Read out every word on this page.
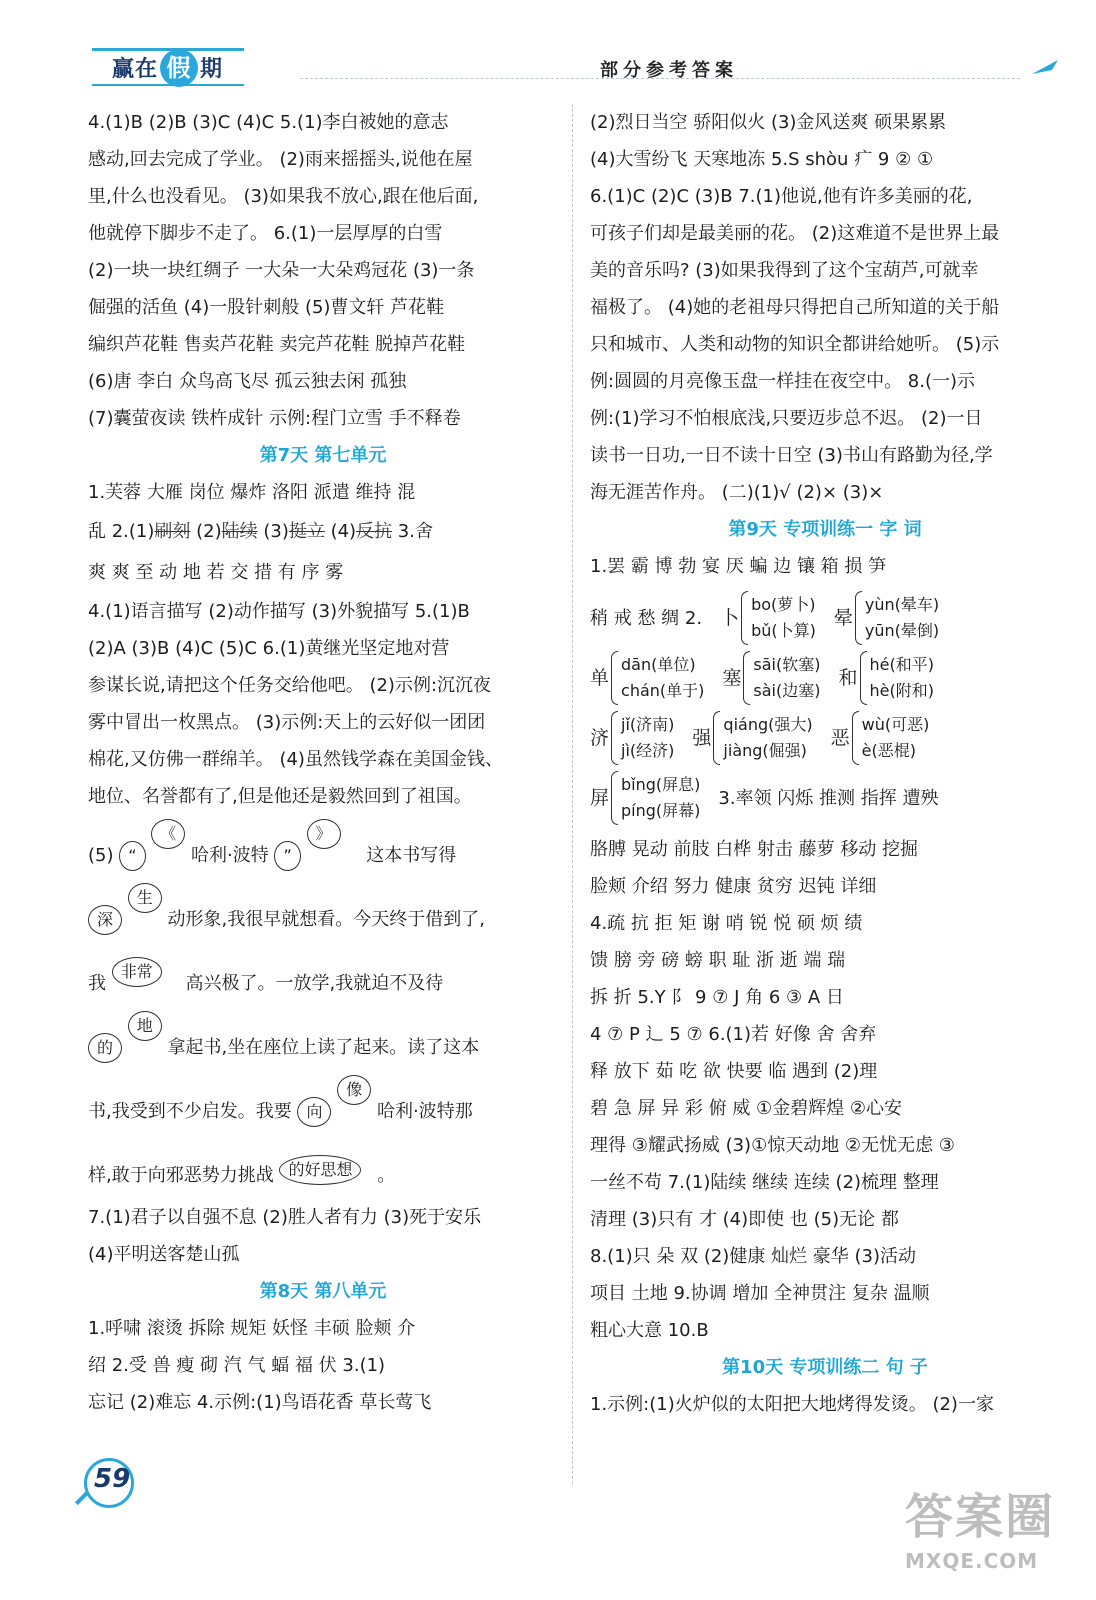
赢在 假 期	部分参考答案
4.(1)B (2)B (3)C (4)C 5.(1)李白被她的意志
感动,回去完成了学业。 (2)雨来摇摇头,说他在屋
里,什么也没看见。 (3)如果我不放心,跟在他后面,
他就停下脚步不走了。 6.(1)一层厚厚的白雪
(2)一块一块红绸子 一大朵一大朵鸡冠花 (3)一条
倔强的活鱼 (4)一股针刺般 (5)曹文轩 芦花鞋
编织芦花鞋 售卖芦花鞋 卖完芦花鞋 脱掉芦花鞋
(6)唐 李白 众鸟高飞尽 孤云独去闲 孤独
(7)囊萤夜读 铁杵成针 示例:程门立雪 手不释卷
第7天 第七单元
1.芙蓉 大雁 岗位 爆炸 洛阳 派遣 维持 混
乱 2.(1)刷刻 (2)陆续 (3)挺立 (4)反抗 3.舍
爽 爽 至 动 地 若 交 措 有 序 雾
4.(1)语言描写 (2)动作描写 (3)外貌描写 5.(1)B
(2)A (3)B (4)C (5)C 6.(1)黄继光坚定地对营
参谋长说,请把这个任务交给他吧。 (2)示例:沉沉夜
雾中冒出一枚黑点。 (3)示例:天上的云好似一团团
棉花,又仿佛一群绵羊。 (4)虽然钱学森在美国金钱、
地位、名誉都有了,但是他还是毅然回到了祖国。
(5) “ 《 哈利·波特 ” 》 这本书写得
深 生 动形象,我很早就想看。今天终于借到了,
我 非常 高兴极了。一放学,我就迫不及待
的 地 拿起书,坐在座位上读了起来。读了这本
书,我受到不少启发。我要 向 像 哈利·波特那
样,敢于向邪恶势力挑战 的好思想 。
7.(1)君子以自强不息 (2)胜人者有力 (3)死于安乐
(4)平明送客楚山孤
第8天 第八单元
1.呼啸 滚烫 拆除 规矩 妖怪 丰硕 脸颊 介
绍 2.受 兽 瘦 砌 汽 气 蝠 福 伏 3.(1)
忘记 (2)难忘 4.示例:(1)鸟语花香 草长莺飞
(2)烈日当空 骄阳似火 (3)金风送爽 硕果累累
(4)大雪纷飞 天寒地冻 5.S shòu 疒 9 ② ①
6.(1)C (2)C (3)B 7.(1)他说,他有许多美丽的花,
可孩子们却是最美丽的花。 (2)这难道不是世界上最
美的音乐吗? (3)如果我得到了这个宝葫芦,可就幸
福极了。 (4)她的老祖母只得把自己所知道的关于船
只和城市、人类和动物的知识全都讲给她听。 (5)示
例:圆圆的月亮像玉盘一样挂在夜空中。 8.(一)示
例:(1)学习不怕根底浅,只要迈步总不迟。 (2)一日
读书一日功,一日不读十日空 (3)书山有路勤为径,学
海无涯苦作舟。 (二)(1)√ (2)× (3)×
第9天 专项训练一 字 词
1.罢 霸 博 勃 宴 厌 蝙 边 镶 箱 损 笋
稍 戒 愁 绸 2. 卜
bo(萝卜)
bǔ(卜算)
晕
yùn(晕车)
yūn(晕倒)
单
dān(单位)
chán(单于)
塞
sāi(软塞)
sài(边塞)
和
hé(和平)
hè(附和)
济
jǐ(济南)
jì(经济)
强
qiáng(强大)
jiàng(倔强)
恶
wù(可恶)
è(恶棍)
屏
bǐng(屏息)
píng(屏幕)
3.率领 闪烁 推测 指挥 遭殃
胳膊 晃动 前肢 白桦 射击 藤萝 移动 挖掘
脸颊 介绍 努力 健康 贫穷 迟钝 详细
4.疏 抗 拒 矩 谢 哨 锐 悦 硕 烦 绩
馈 膀 旁 磅 螃 职 耻 浙 逝 端 瑞
拆 折 5.Y 阝 9 ⑦ J 角 6 ③ A 日
4 ⑦ P 辶 5 ⑦ 6.(1)若 好像 舍 舍弃
释 放下 茹 吃 欲 快要 临 遇到 (2)理
碧 急 屏 异 彩 俯 威 ①金碧辉煌 ②心安
理得 ③耀武扬威 (3)①惊天动地 ②无忧无虑 ③
一丝不苟 7.(1)陆续 继续 连续 (2)梳理 整理
清理 (3)只有 才 (4)即使 也 (5)无论 都
8.(1)只 朵 双 (2)健康 灿烂 豪华 (3)活动
项目 土地 9.协调 增加 全神贯注 复杂 温顺
粗心大意 10.B
第10天 专项训练二 句 子
1.示例:(1)火炉似的太阳把大地烤得发烫。 (2)一家
59
答案圈
MXQE.COM
